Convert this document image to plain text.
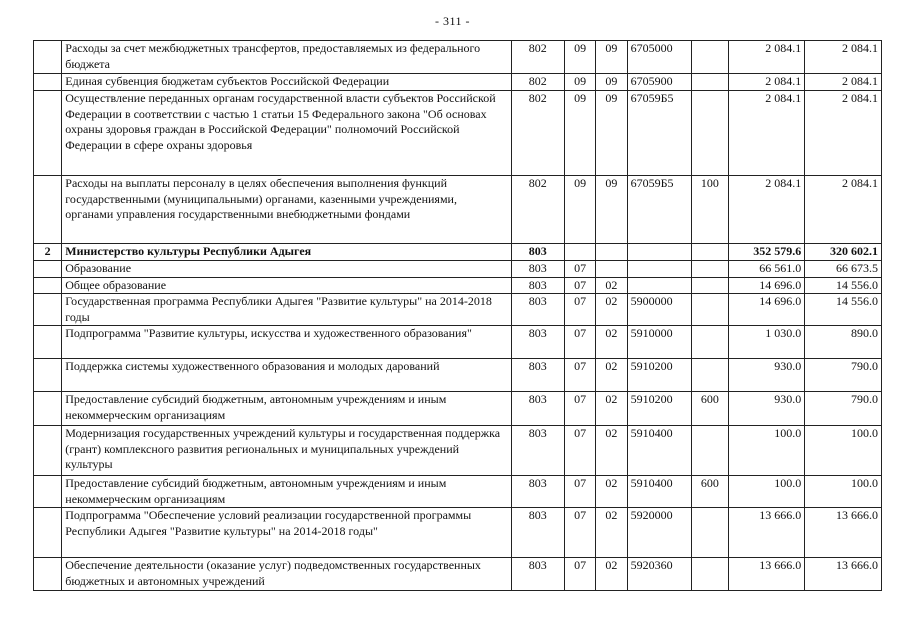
- 311 -
	Расходы за счет межбюджетных трансфертов, предоставляемых из федерального бюджета	802	09	09	6705000		2 084.1	2 084.1
	Единая субвенция бюджетам субъектов Российской Федерации	802	09	09	6705900		2 084.1	2 084.1
	Осуществление переданных органам государственной власти субъектов Российской Федерации в соответствии с частью 1 статьи 15 Федерального закона "Об основах охраны здоровья граждан в Российской Федерации" полномочий Российской Федерации в сфере охраны здоровья	802	09	09	67059Б5		2 084.1	2 084.1
	Расходы на выплаты персоналу в целях обеспечения выполнения функций государственными (муниципальными) органами, казенными учреждениями, органами управления государственными внебюджетными фондами	802	09	09	67059Б5	100	2 084.1	2 084.1
2	Министерство культуры Республики Адыгея	803					352 579.6	320 602.1
	Образование	803	07				66 561.0	66 673.5
	Общее образование	803	07	02			14 696.0	14 556.0
	Государственная программа Республики Адыгея "Развитие культуры" на 2014-2018 годы	803	07	02	5900000		14 696.0	14 556.0
	Подпрограмма "Развитие культуры, искусства и художественного образования"	803	07	02	5910000		1 030.0	890.0
	Поддержка системы художественного образования и молодых дарований	803	07	02	5910200		930.0	790.0
	Предоставление субсидий бюджетным, автономным учреждениям и иным некоммерческим организациям	803	07	02	5910200	600	930.0	790.0
	Модернизация государственных учреждений культуры и государственная поддержка (грант) комплексного развития региональных и муниципальных учреждений культуры	803	07	02	5910400		100.0	100.0
	Предоставление субсидий бюджетным, автономным учреждениям и иным некоммерческим организациям	803	07	02	5910400	600	100.0	100.0
	Подпрограмма "Обеспечение условий реализации государственной программы Республики Адыгея "Развитие культуры" на 2014-2018 годы"	803	07	02	5920000		13 666.0	13 666.0
	Обеспечение деятельности (оказание услуг) подведомственных государственных бюджетных и автономных учреждений	803	07	02	5920360		13 666.0	13 666.0
